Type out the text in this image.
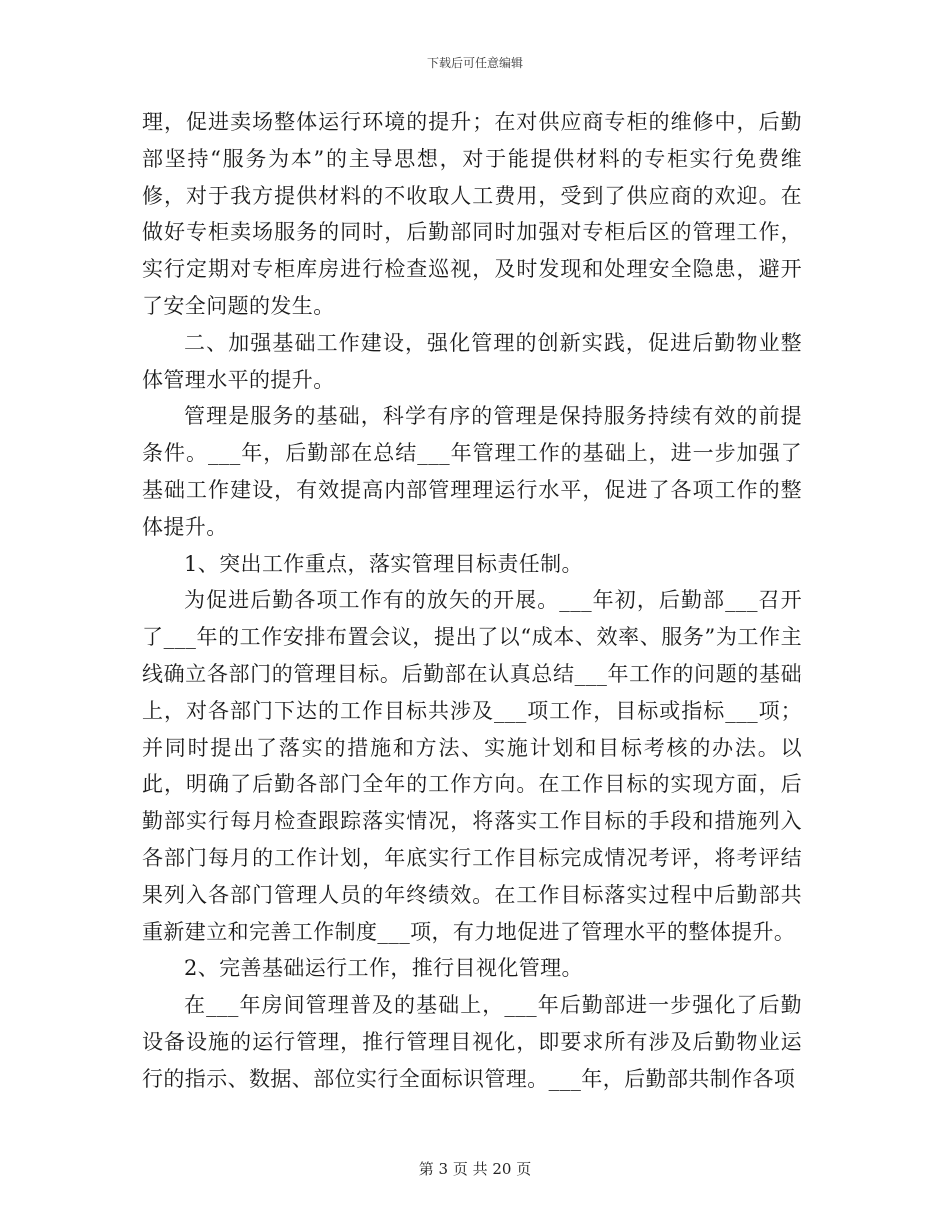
下载后可任意编辑

理，促进卖场整体运行环境的提升；在对供应商专柜的维修中，后勤部坚持“服务为本”的主导思想，对于能提供材料的专柜实行免费维修，对于我方提供材料的不收取人工费用，受到了供应商的欢迎。在做好专柜卖场服务的同时，后勤部同时加强对专柜后区的管理工作，实行定期对专柜库房进行检查巡视，及时发现和处理安全隐患，避开了安全问题的发生。

二、加强基础工作建设，强化管理的创新实践，促进后勤物业整体管理水平的提升。

管理是服务的基础，科学有序的管理是保持服务持续有效的前提条件。___年，后勤部在总结___年管理工作的基础上，进一步加强了基础工作建设，有效提高内部管理理运行水平，促进了各项工作的整体提升。

1、突出工作重点，落实管理目标责任制。

为促进后勤各项工作有的放矢的开展。___年初，后勤部___召开了___年的工作安排布置会议，提出了以“成本、效率、服务”为工作主线确立各部门的管理目标。后勤部在认真总结___年工作的问题的基础上，对各部门下达的工作目标共涉及___项工作，目标或指标___项；并同时提出了落实的措施和方法、实施计划和目标考核的办法。以此，明确了后勤各部门全年的工作方向。在工作目标的实现方面，后勤部实行每月检查跟踪落实情况，将落实工作目标的手段和措施列入各部门每月的工作计划，年底实行工作目标完成情况考评，将考评结果列入各部门管理人员的年终绩效。在工作目标落实过程中后勤部共重新建立和完善工作制度___项，有力地促进了管理水平的整体提升。

2、完善基础运行工作，推行目视化管理。

在___年房间管理普及的基础上，___年后勤部进一步强化了后勤设备设施的运行管理，推行管理目视化，即要求所有涉及后勤物业运行的指示、数据、部位实行全面标识管理。___年，后勤部共制作各项

第 3 页 共 20 页
